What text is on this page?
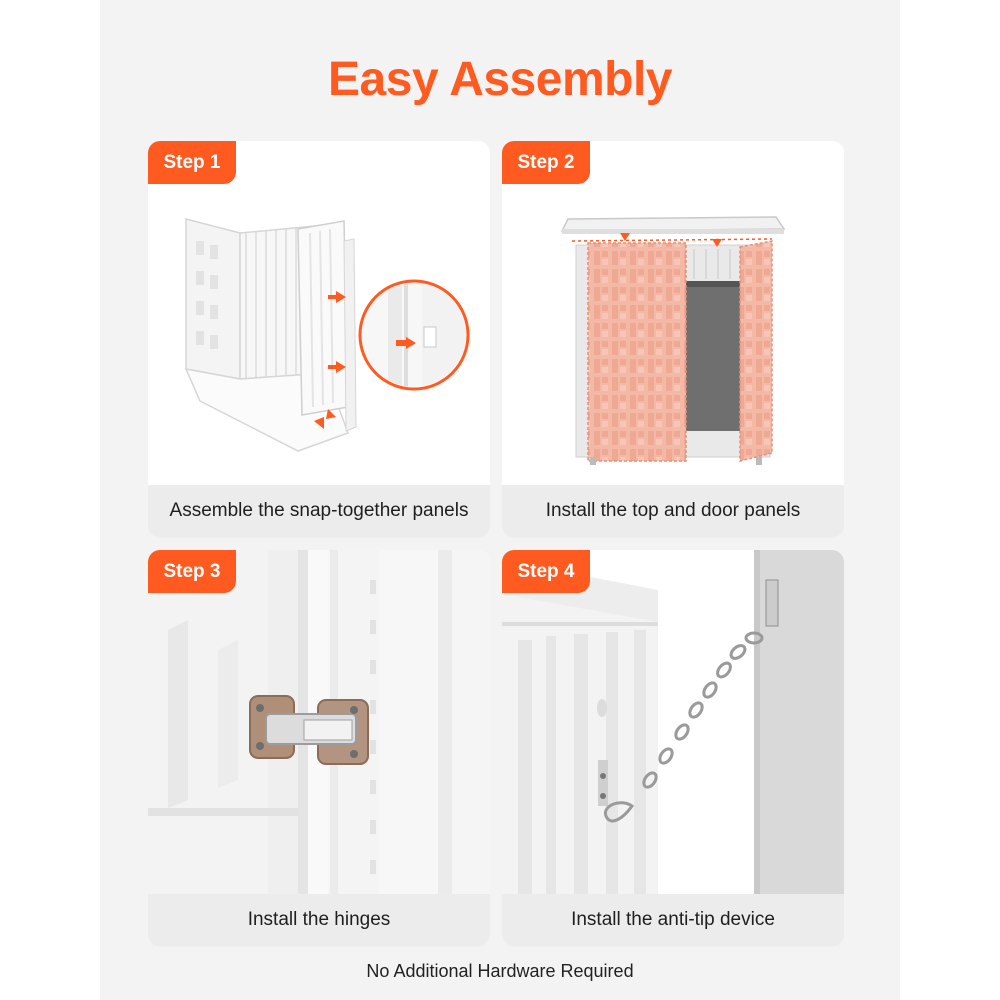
Easy Assembly
Step 1
Assemble the snap-together panels
Step 2
Install the top and door panels
Step 3
Install the hinges
Step 4
Install the anti-tip device
No Additional Hardware Required
